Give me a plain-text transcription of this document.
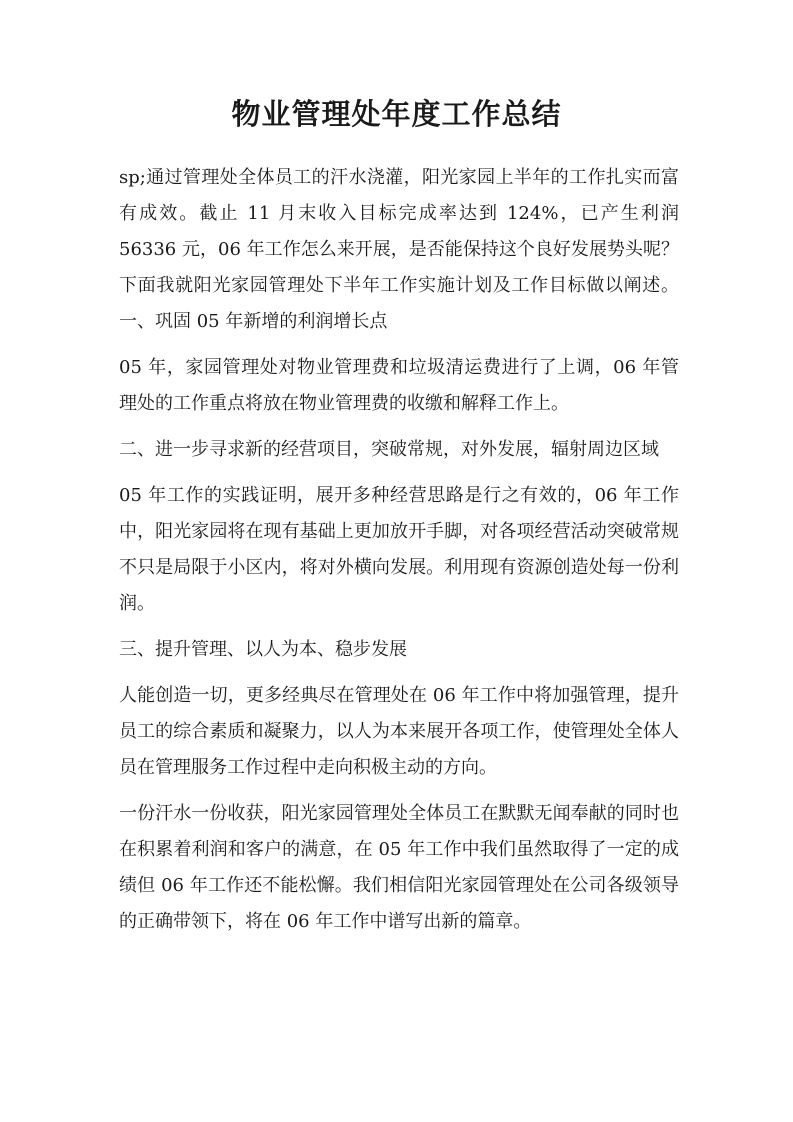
物业管理处年度工作总结

sp;通过管理处全体员工的汗水浇灌，阳光家园上半年的工作扎实而富有成效。截止 11 月末收入目标完成率达到 124%，已产生利润 56336 元，06 年工作怎么来开展，是否能保持这个良好发展势头呢？下面我就阳光家园管理处下半年工作实施计划及工作目标做以阐述。一、巩固 05 年新增的利润增长点

05 年，家园管理处对物业管理费和垃圾清运费进行了上调，06 年管理处的工作重点将放在物业管理费的收缴和解释工作上。

二、进一步寻求新的经营项目，突破常规，对外发展，辐射周边区域

05 年工作的实践证明，展开多种经营思路是行之有效的，06 年工作中，阳光家园将在现有基础上更加放开手脚，对各项经营活动突破常规不只是局限于小区内，将对外横向发展。利用现有资源创造处每一份利润。

三、提升管理、以人为本、稳步发展

人能创造一切，更多经典尽在管理处在 06 年工作中将加强管理，提升员工的综合素质和凝聚力，以人为本来展开各项工作，使管理处全体人员在管理服务工作过程中走向积极主动的方向。

一份汗水一份收获，阳光家园管理处全体员工在默默无闻奉献的同时也在积累着利润和客户的满意，在 05 年工作中我们虽然取得了一定的成绩但 06 年工作还不能松懈。我们相信阳光家园管理处在公司各级领导的正确带领下，将在 06 年工作中谱写出新的篇章。
